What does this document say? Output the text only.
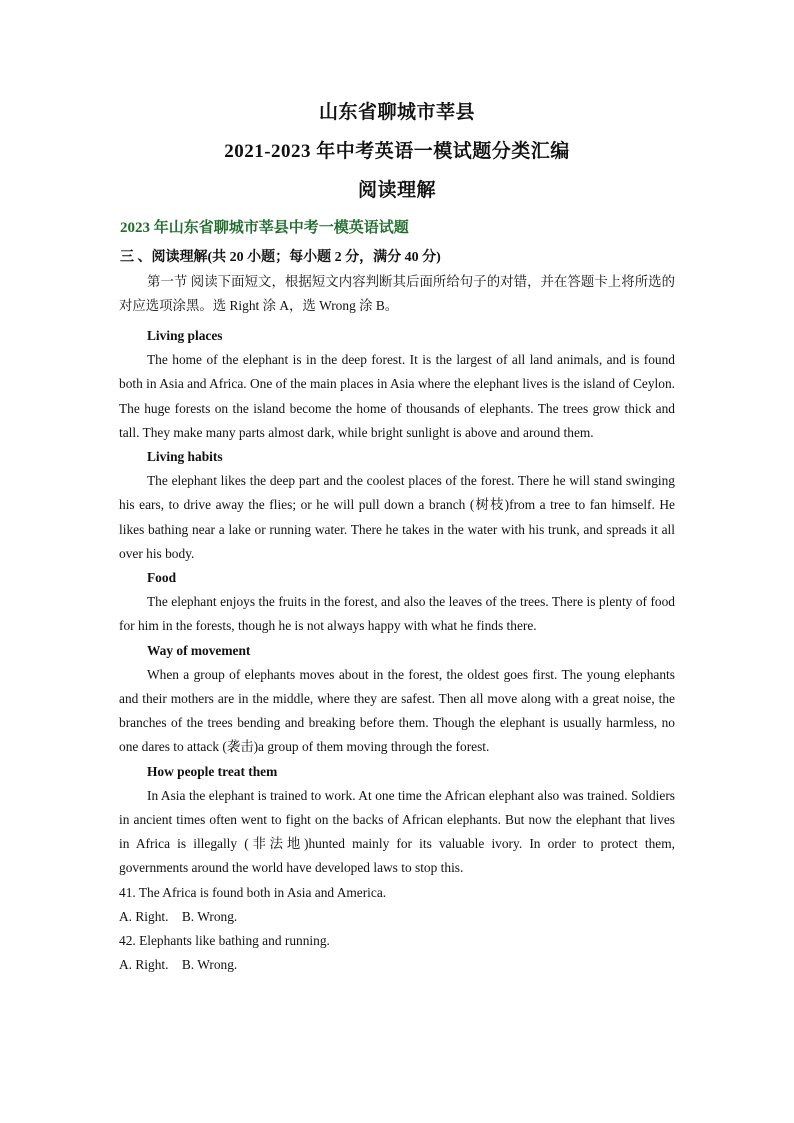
山东省聊城市莘县
2021-2023 年中考英语一模试题分类汇编
阅读理解
2023 年山东省聊城市莘县中考一模英语试题
三 、阅读理解(共 20 小题；每小题 2 分，满分 40 分)

第一节 阅读下面短文，根据短文内容判断其后面所给句子的对错，并在答题卡上将所选的对应选项涂黑。选 Right 涂 A，选 Wrong 涂 B。

Living places

The home of the elephant is in the deep forest. It is the largest of all land animals, and is found both in Asia and Africa. One of the main places in Asia where the elephant lives is the island of Ceylon. The huge forests on the island become the home of thousands of elephants. The trees grow thick and tall. They make many parts almost dark, while bright sunlight is above and around them.

Living habits

The elephant likes the deep part and the coolest places of the forest. There he will stand swinging his ears, to drive away the flies; or he will pull down a branch (树枝)from a tree to fan himself. He likes bathing near a lake or running water. There he takes in the water with his trunk, and spreads it all over his body.

Food

The elephant enjoys the fruits in the forest, and also the leaves of the trees. There is plenty of food for him in the forests, though he is not always happy with what he finds there.

Way of movement

When a group of elephants moves about in the forest, the oldest goes first. The young elephants and their mothers are in the middle, where they are safest. Then all move along with a great noise, the branches of the trees bending and breaking before them. Though the elephant is usually harmless, no one dares to attack (袭击)a group of them moving through the forest.

How people treat them

In Asia the elephant is trained to work. At one time the African elephant also was trained. Soldiers in ancient times often went to fight on the backs of African elephants. But now the elephant that lives in Africa is illegally (非法地)hunted mainly for its valuable ivory. In order to protect them, governments around the world have developed laws to stop this.

41. The Africa is found both in Asia and America.
A. Right.    B. Wrong.
42. Elephants like bathing and running.
A. Right.    B. Wrong.
